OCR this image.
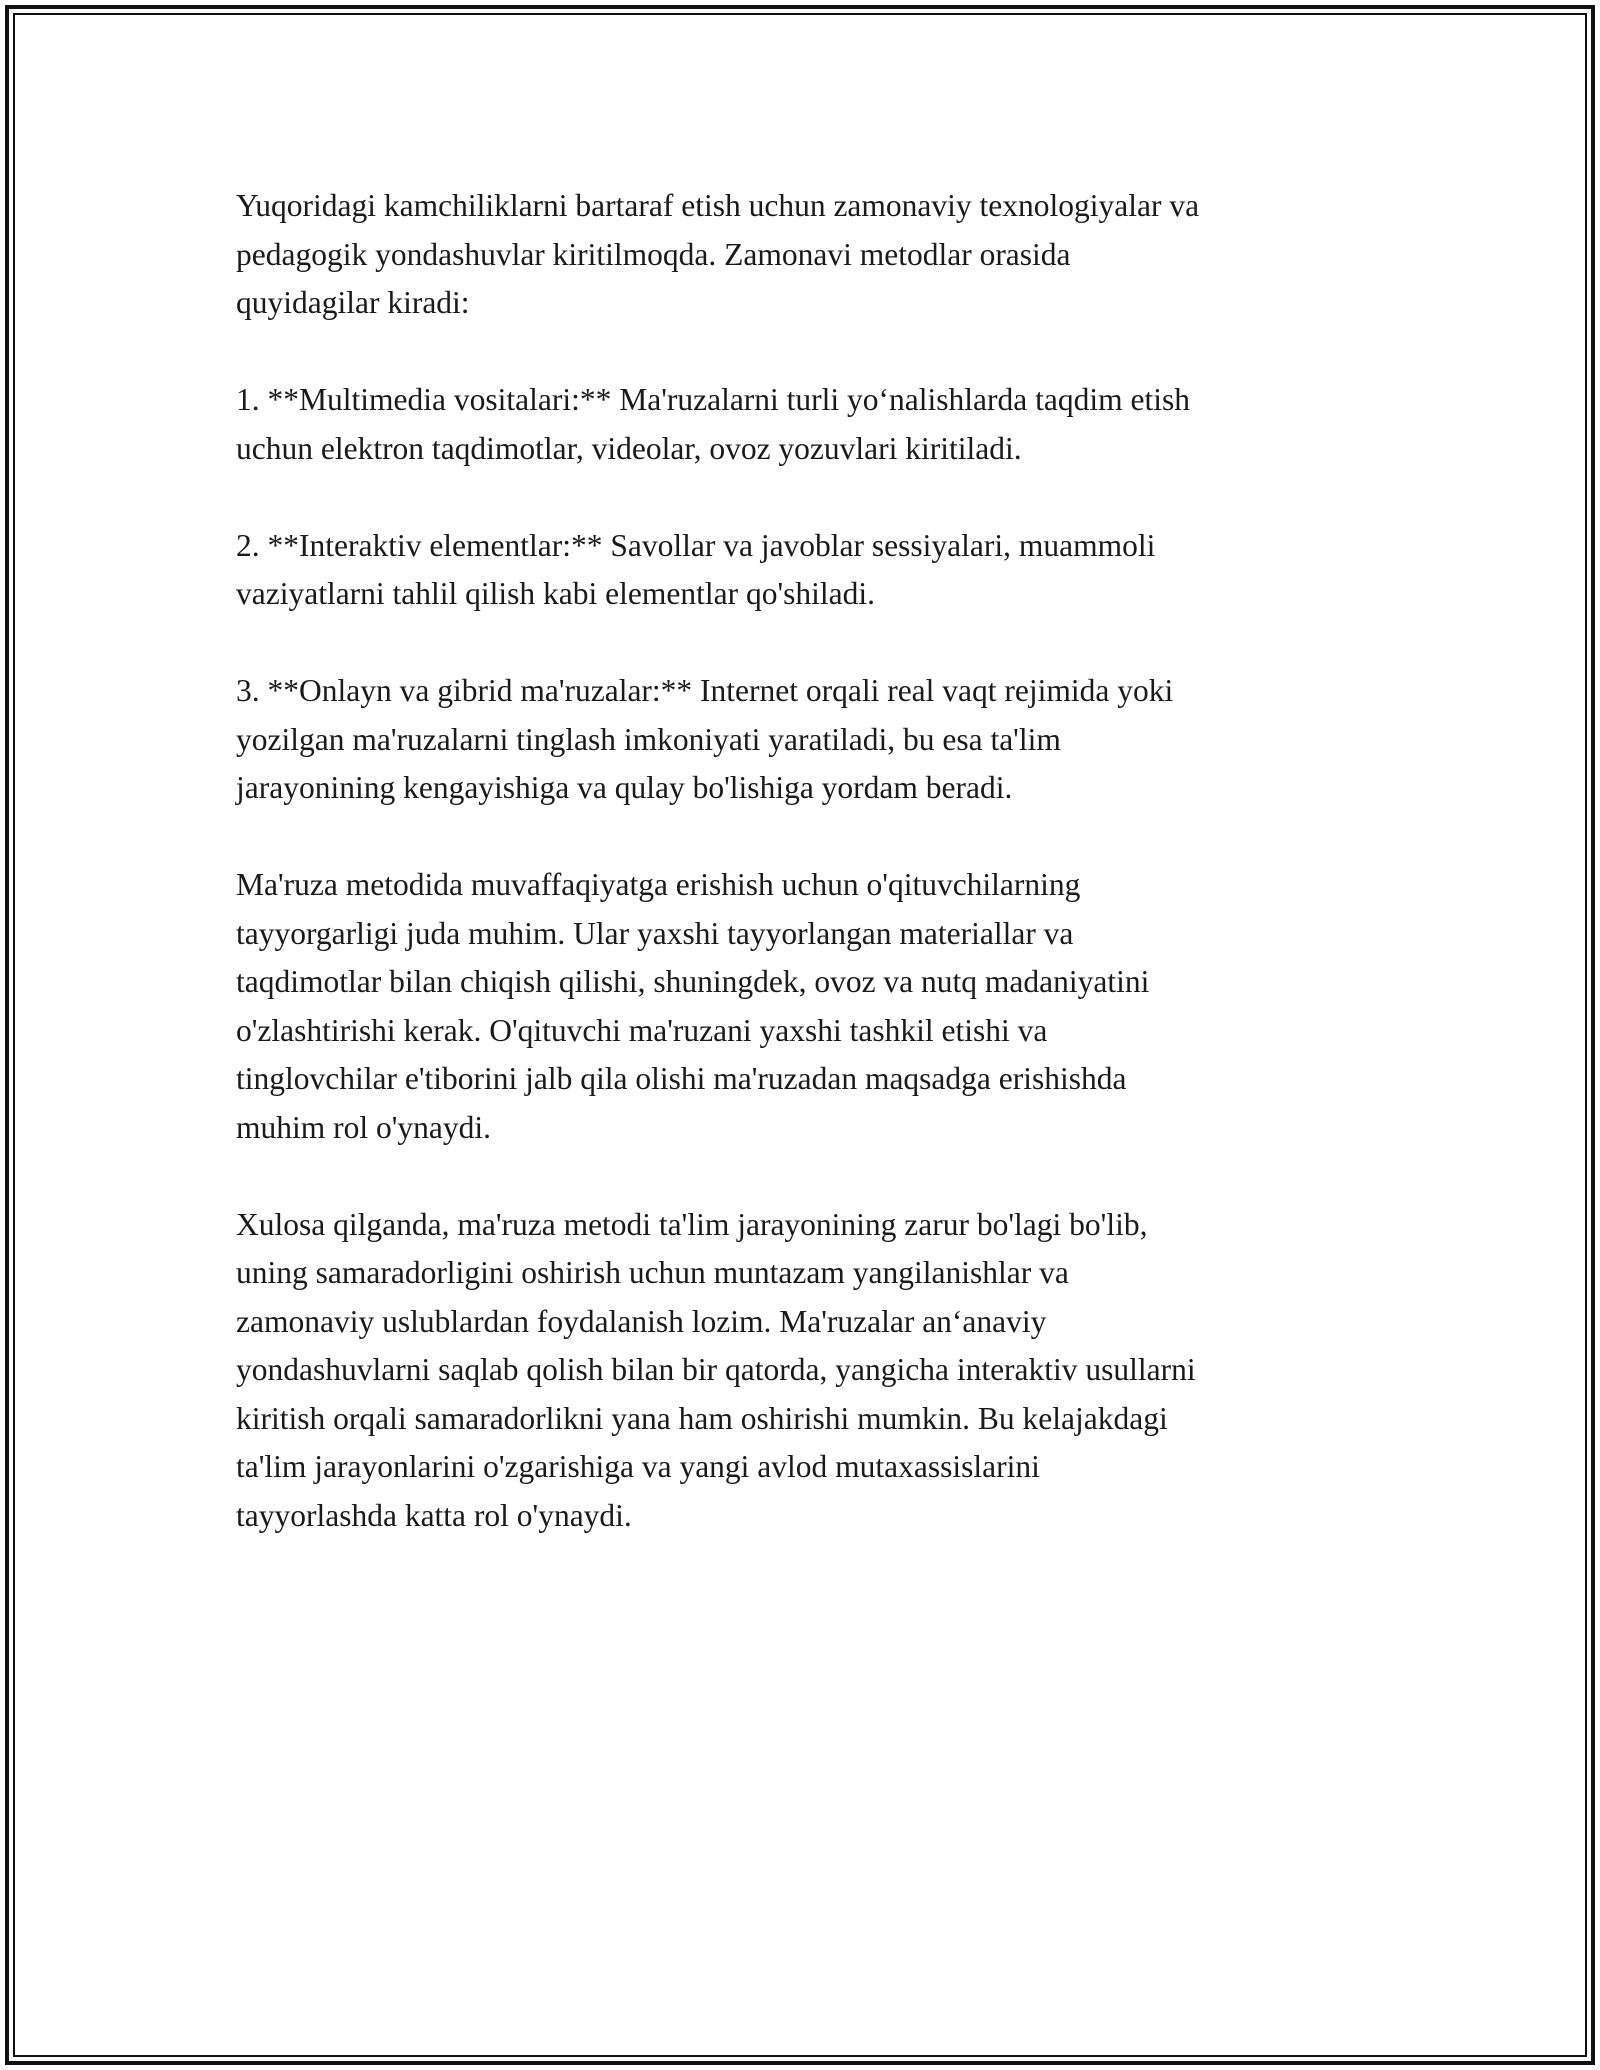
Yuqoridagi kamchiliklarni bartaraf etish uchun zamonaviy texnologiyalar va
pedagogik yondashuvlar kiritilmoqda. Zamonavi metodlar orasida
quyidagilar kiradi:

1. **Multimedia vositalari:** Ma'ruzalarni turli yo‘nalishlarda taqdim etish
uchun elektron taqdimotlar, videolar, ovoz yozuvlari kiritiladi.

2. **Interaktiv elementlar:** Savollar va javoblar sessiyalari, muammoli
vaziyatlarni tahlil qilish kabi elementlar qo'shiladi.

3. **Onlayn va gibrid ma'ruzalar:** Internet orqali real vaqt rejimida yoki
yozilgan ma'ruzalarni tinglash imkoniyati yaratiladi, bu esa ta'lim
jarayonining kengayishiga va qulay bo'lishiga yordam beradi.

Ma'ruza metodida muvaffaqiyatga erishish uchun o'qituvchilarning
tayyorgarligi juda muhim. Ular yaxshi tayyorlangan materiallar va
taqdimotlar bilan chiqish qilishi, shuningdek, ovoz va nutq madaniyatini
o'zlashtirishi kerak. O'qituvchi ma'ruzani yaxshi tashkil etishi va
tinglovchilar e'tiborini jalb qila olishi ma'ruzadan maqsadga erishishda
muhim rol o'ynaydi.

Xulosa qilganda, ma'ruza metodi ta'lim jarayonining zarur bo'lagi bo'lib,
uning samaradorligini oshirish uchun muntazam yangilanishlar va
zamonaviy uslublardan foydalanish lozim. Ma'ruzalar an‘anaviy
yondashuvlarni saqlab qolish bilan bir qatorda, yangicha interaktiv usullarni
kiritish orqali samaradorlikni yana ham oshirishi mumkin. Bu kelajakdagi
ta'lim jarayonlarini o'zgarishiga va yangi avlod mutaxassislarini
tayyorlashda katta rol o'ynaydi.
